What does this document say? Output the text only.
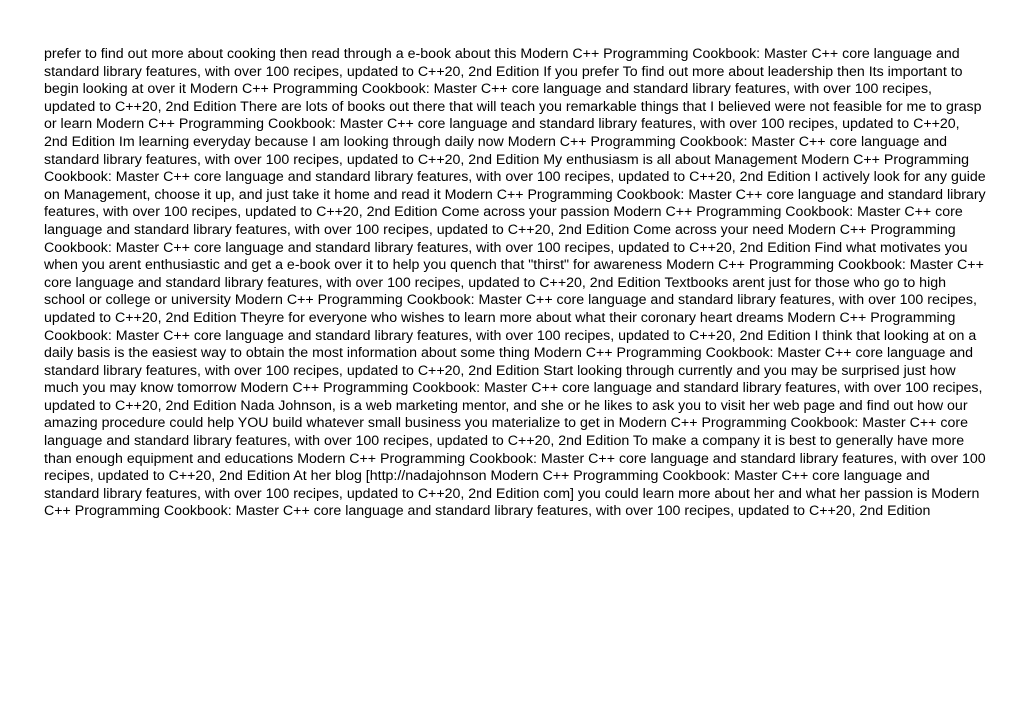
prefer to find out more about cooking then read through a e-book about this Modern C++ Programming Cookbook: Master C++ core language and standard library features, with over 100 recipes, updated to C++20, 2nd Edition If you prefer To find out more about leadership then Its important to begin looking at over it Modern C++ Programming Cookbook: Master C++ core language and standard library features, with over 100 recipes, updated to C++20, 2nd Edition There are lots of books out there that will teach you remarkable things that I believed were not feasible for me to grasp or learn Modern C++ Programming Cookbook: Master C++ core language and standard library features, with over 100 recipes, updated to C++20, 2nd Edition Im learning everyday because I am looking through daily now Modern C++ Programming Cookbook: Master C++ core language and standard library features, with over 100 recipes, updated to C++20, 2nd Edition My enthusiasm is all about Management Modern C++ Programming Cookbook: Master C++ core language and standard library features, with over 100 recipes, updated to C++20, 2nd Edition I actively look for any guide on Management, choose it up, and just take it home and read it Modern C++ Programming Cookbook: Master C++ core language and standard library features, with over 100 recipes, updated to C++20, 2nd Edition Come across your passion Modern C++ Programming Cookbook: Master C++ core language and standard library features, with over 100 recipes, updated to C++20, 2nd Edition Come across your need Modern C++ Programming Cookbook: Master C++ core language and standard library features, with over 100 recipes, updated to C++20, 2nd Edition Find what motivates you when you arent enthusiastic and get a e-book over it to help you quench that "thirst" for awareness Modern C++ Programming Cookbook: Master C++ core language and standard library features, with over 100 recipes, updated to C++20, 2nd Edition Textbooks arent just for those who go to high school or college or university Modern C++ Programming Cookbook: Master C++ core language and standard library features, with over 100 recipes, updated to C++20, 2nd Edition Theyre for everyone who wishes to learn more about what their coronary heart dreams Modern C++ Programming Cookbook: Master C++ core language and standard library features, with over 100 recipes, updated to C++20, 2nd Edition I think that looking at on a daily basis is the easiest way to obtain the most information about some thing Modern C++ Programming Cookbook: Master C++ core language and standard library features, with over 100 recipes, updated to C++20, 2nd Edition Start looking through currently and you may be surprised just how much you may know tomorrow Modern C++ Programming Cookbook: Master C++ core language and standard library features, with over 100 recipes, updated to C++20, 2nd Edition Nada Johnson, is a web marketing mentor, and she or he likes to ask you to visit her web page and find out how our amazing procedure could help YOU build whatever small business you materialize to get in Modern C++ Programming Cookbook: Master C++ core language and standard library features, with over 100 recipes, updated to C++20, 2nd Edition To make a company it is best to generally have more than enough equipment and educations Modern C++ Programming Cookbook: Master C++ core language and standard library features, with over 100 recipes, updated to C++20, 2nd Edition At her blog [http://nadajohnson Modern C++ Programming Cookbook: Master C++ core language and standard library features, with over 100 recipes, updated to C++20, 2nd Edition com] you could learn more about her and what her passion is Modern C++ Programming Cookbook: Master C++ core language and standard library features, with over 100 recipes, updated to C++20, 2nd Edition
